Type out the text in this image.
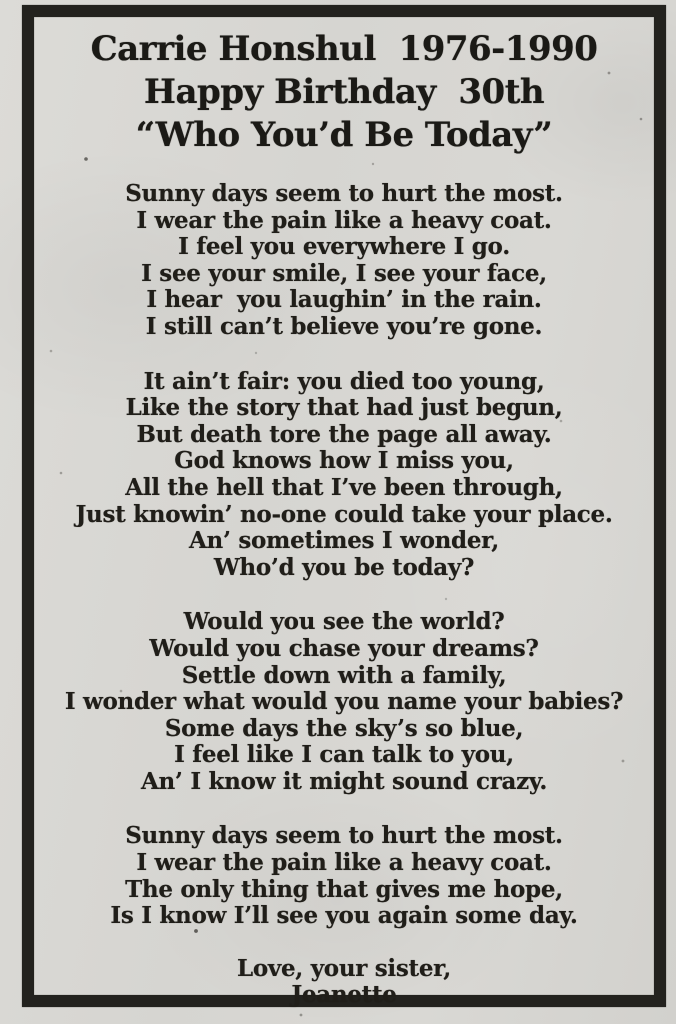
Carrie Honshul  1976-1990
Happy Birthday  30th
“Who You’d Be Today”
Sunny days seem to hurt the most.
I wear the pain like a heavy coat.
I feel you everywhere I go.
I see your smile, I see your face,
I hear  you laughin’ in the rain.
I still can’t believe you’re gone.
It ain’t fair: you died too young,
Like the story that had just begun,
But death tore the page all away.
God knows how I miss you,
All the hell that I’ve been through,
Just knowin’ no-one could take your place.
An’ sometimes I wonder,
Who’d you be today?
Would you see the world?
Would you chase your dreams?
Settle down with a family,
I wonder what would you name your babies?
Some days the sky’s so blue,
I feel like I can talk to you,
An’ I know it might sound crazy.
Sunny days seem to hurt the most.
I wear the pain like a heavy coat.
The only thing that gives me hope,
Is I know I’ll see you again some day.
Love, your sister,
Jeanette
